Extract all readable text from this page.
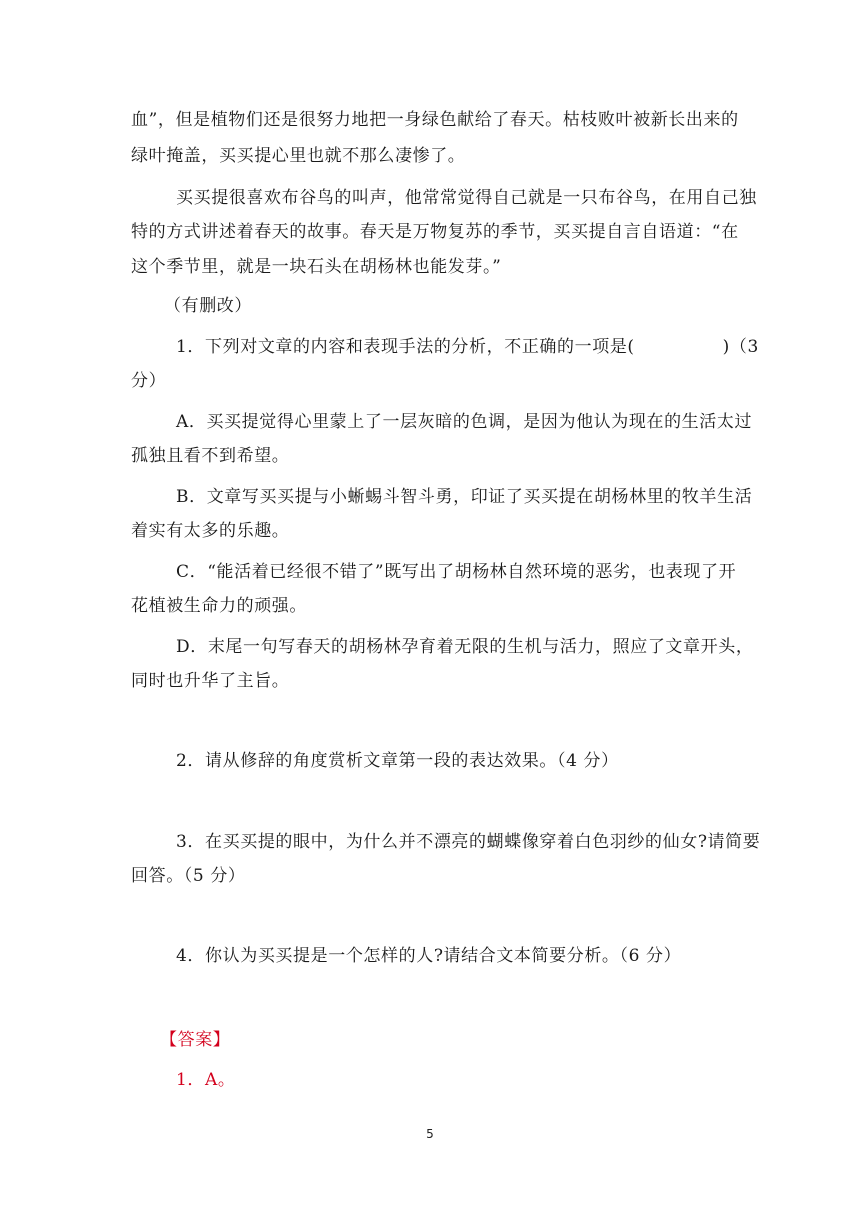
血”，但是植物们还是很努力地把一身绿色献给了春天。枯枝败叶被新长出来的
绿叶掩盖，买买提心里也就不那么凄惨了。
买买提很喜欢布谷鸟的叫声，他常常觉得自己就是一只布谷鸟，在用自己独
特的方式讲述着春天的故事。春天是万物复苏的季节，买买提自言自语道：“在
这个季节里，就是一块石头在胡杨林也能发芽。”
（有删改）
1．下列对文章的内容和表现手法的分析，不正确的一项是(　　　　　)（3
分）
A．买买提觉得心里蒙上了一层灰暗的色调，是因为他认为现在的生活太过
孤独且看不到希望。
B．文章写买买提与小蜥蜴斗智斗勇，印证了买买提在胡杨林里的牧羊生活
着实有太多的乐趣。
C．“能活着已经很不错了”既写出了胡杨林自然环境的恶劣，也表现了开
花植被生命力的顽强。
D．末尾一句写春天的胡杨林孕育着无限的生机与活力，照应了文章开头，
同时也升华了主旨。
2．请从修辞的角度赏析文章第一段的表达效果。（4 分）
3．在买买提的眼中，为什么并不漂亮的蝴蝶像穿着白色羽纱的仙女?请简要
回答。（5 分）
4．你认为买买提是一个怎样的人?请结合文本简要分析。（6 分）
【答案】
1．A。
5
